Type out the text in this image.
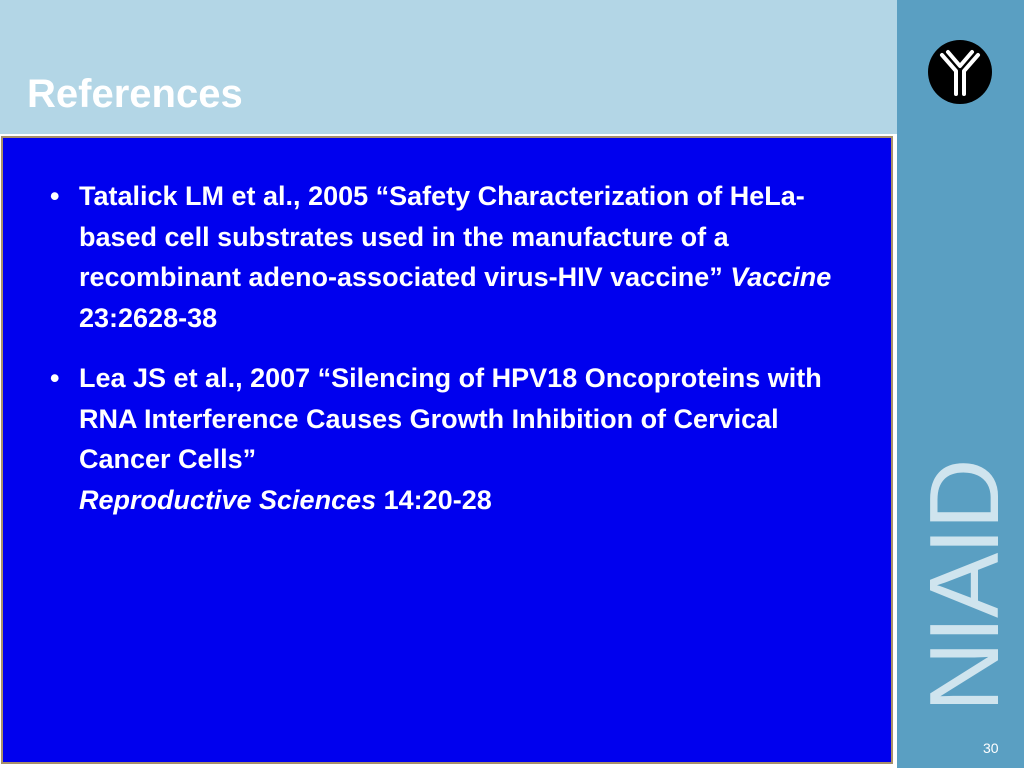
References
NIAID
• Tatalick LM et al., 2005 “Safety Characterization of HeLa-based cell substrates used in the manufacture of a recombinant adeno-associated virus-HIV vaccine” Vaccine 23:2628-38
• Lea JS et al., 2007 “Silencing of HPV18 Oncoproteins with RNA Interference Causes Growth Inhibition of Cervical Cancer Cells”
Reproductive Sciences 14:20-28
30
